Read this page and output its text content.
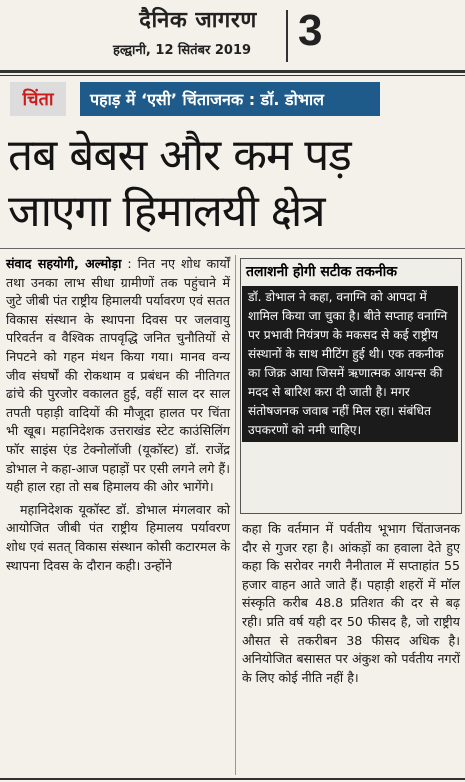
दैनिक जागरण
हल्द्वानी, 12 सितंबर 2019	3
चिंता	पहाड़ में ‘एसी’ चिंताजनक : डॉ. डोभाल
तब बेबस और कम पड़ जाएगा हिमालयी क्षेत्र

संवाद सहयोगी, अल्मोड़ा : नित नए शोध कार्यों तथा उनका लाभ सीधा ग्रामीणों तक पहुंचाने में जुटे जीबी पंत राष्ट्रीय हिमालयी पर्यावरण एवं सतत विकास संस्थान के स्थापना दिवस पर जलवायु परिवर्तन व वैश्विक तापवृद्धि जनित चुनौतियों से निपटने को गहन मंथन किया गया। मानव वन्य जीव संघर्षों की रोकथाम व प्रबंधन की नीतिगत ढांचे की पुरजोर वकालत हुई, वहीं साल दर साल तपती पहाड़ी वादियों की मौजूदा हालत पर चिंता भी खूब। महानिदेशक उत्तराखंड स्टेट काउंसिलिंग फॉर साइंस एंड टेक्नोलॉजी (यूकॉस्ट) डॉ. राजेंद्र डोभाल ने कहा-आज पहाड़ों पर एसी लगने लगे हैं। यही हाल रहा तो सब हिमालय की ओर भागेंगे।

महानिदेशक यूकॉस्ट डॉ. डोभाल मंगलवार को आयोजित जीबी पंत राष्ट्रीय हिमालय पर्यावरण शोध एवं सतत् विकास संस्थान कोसी कटारमल के स्थापना दिवस के दौरान कही। उन्होंने

तलाशनी होगी सटीक तकनीक
डॉ. डोभाल ने कहा, वनाग्नि को आपदा में शामिल किया जा चुका है। बीते सप्ताह वनाग्नि पर प्रभावी नियंत्रण के मकसद से कई राष्ट्रीय संस्थानों के साथ मीटिंग हुई थी। एक तकनीक का जिक्र आया जिसमें ऋणात्मक आयन्स की मदद से बारिश करा दी जाती है। मगर संतोषजनक जवाब नहीं मिल रहा। संबंधित उपकरणों को नमी चाहिए।

कहा कि वर्तमान में पर्वतीय भूभाग चिंताजनक दौर से गुजर रहा है। आंकड़ों का हवाला देते हुए कहा कि सरोवर नगरी नैनीताल में सप्ताहांत 55 हजार वाहन आते जाते हैं। पहाड़ी शहरों में मॉल संस्कृति करीब 48.8 प्रतिशत की दर से बढ़ रही। प्रति वर्ष यही दर 50 फीसद है, जो राष्ट्रीय औसत से तकरीबन 38 फीसद अधिक है। अनियोजित बसासत पर अंकुश को पर्वतीय नगरों के लिए कोई नीति नहीं है।
